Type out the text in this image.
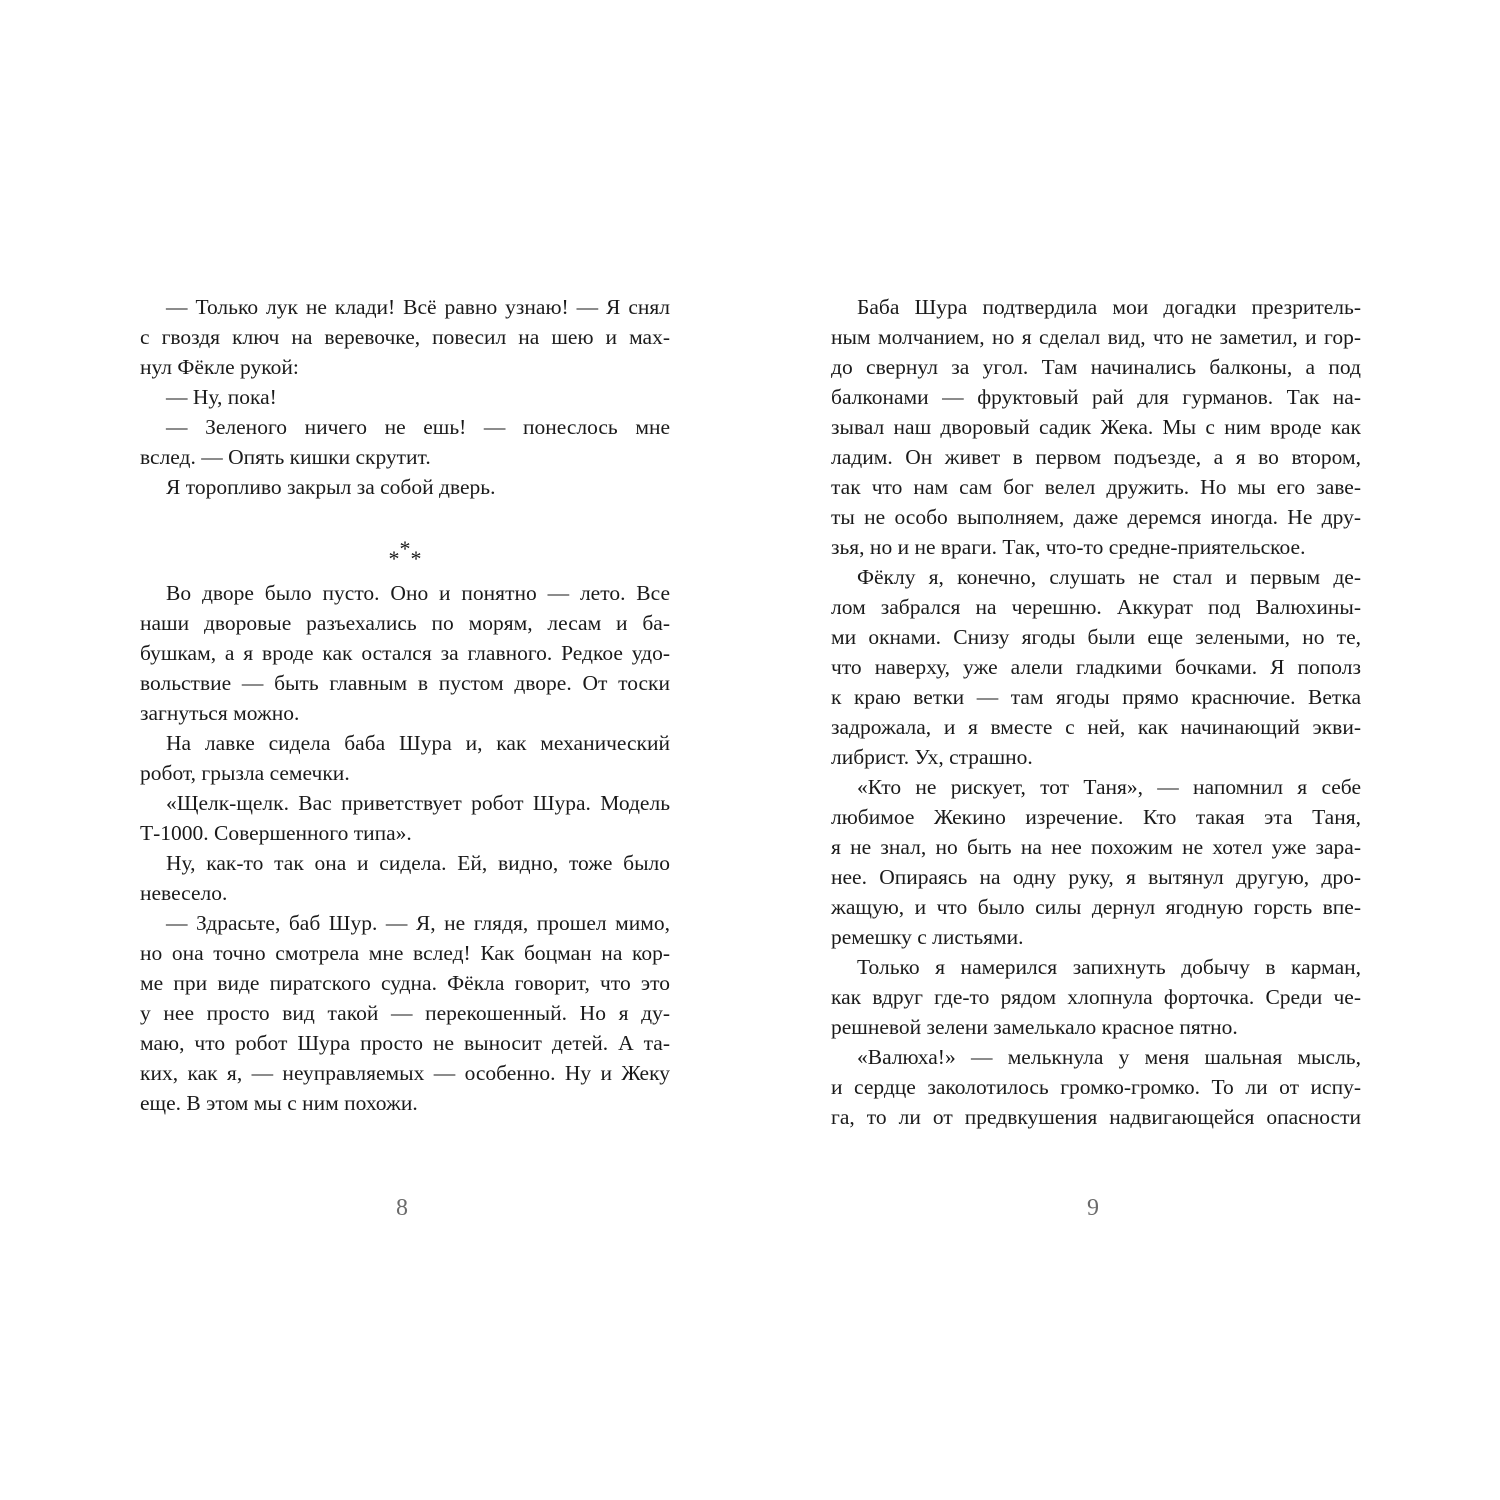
— Только лук не клади! Всё равно узнаю! — Я снял
с гвоздя ключ на веревочке, повесил на шею и мах-
нул Фёкле рукой:
— Ну, пока!
— Зеленого ничего не ешь! — понеслось мне
вслед. — Опять кишки скрутит.
Я торопливо закрыл за собой дверь.
***
Во дворе было пусто. Оно и понятно — лето. Все
наши дворовые разъехались по морям, лесам и ба-
бушкам, а я вроде как остался за главного. Редкое удо-
вольствие — быть главным в пустом дворе. От тоски
загнуться можно.
На лавке сидела баба Шура и, как механический
робот, грызла семечки.
«Щелк-щелк. Вас приветствует робот Шура. Модель
Т-1000. Совершенного типа».
Ну, как-то так она и сидела. Ей, видно, тоже было
невесело.
— Здрасьте, баб Шур. — Я, не глядя, прошел мимо,
но она точно смотрела мне вслед! Как боцман на кор-
ме при виде пиратского судна. Фёкла говорит, что это
у нее просто вид такой — перекошенный. Но я ду-
маю, что робот Шура просто не выносит детей. А та-
ких, как я, — неуправляемых — особенно. Ну и Жеку
еще. В этом мы с ним похожи.
Баба Шура подтвердила мои догадки презритель-
ным молчанием, но я сделал вид, что не заметил, и гор-
до свернул за угол. Там начинались балконы, а под
балконами — фруктовый рай для гурманов. Так на-
зывал наш дворовый садик Жека. Мы с ним вроде как
ладим. Он живет в первом подъезде, а я во втором,
так что нам сам бог велел дружить. Но мы его заве-
ты не особо выполняем, даже деремся иногда. Не дру-
зья, но и не враги. Так, что-то средне-приятельское.
Фёклу я, конечно, слушать не стал и первым де-
лом забрался на черешню. Аккурат под Валюхины-
ми окнами. Снизу ягоды были еще зелеными, но те,
что наверху, уже алели гладкими бочками. Я пополз
к краю ветки — там ягоды прямо краснючие. Ветка
задрожала, и я вместе с ней, как начинающий экви-
либрист. Ух, страшно.
«Кто не рискует, тот Таня», — напомнил я себе
любимое Жекино изречение. Кто такая эта Таня,
я не знал, но быть на нее похожим не хотел уже зара-
нее. Опираясь на одну руку, я вытянул другую, дро-
жащую, и что было силы дернул ягодную горсть впе-
ремешку с листьями.
Только я намерился запихнуть добычу в карман,
как вдруг где-то рядом хлопнула форточка. Среди че-
решневой зелени замелькало красное пятно.
«Валюха!» — мелькнула у меня шальная мысль,
и сердце заколотилось громко-громко. То ли от испу-
га, то ли от предвкушения надвигающейся опасности
8	9
